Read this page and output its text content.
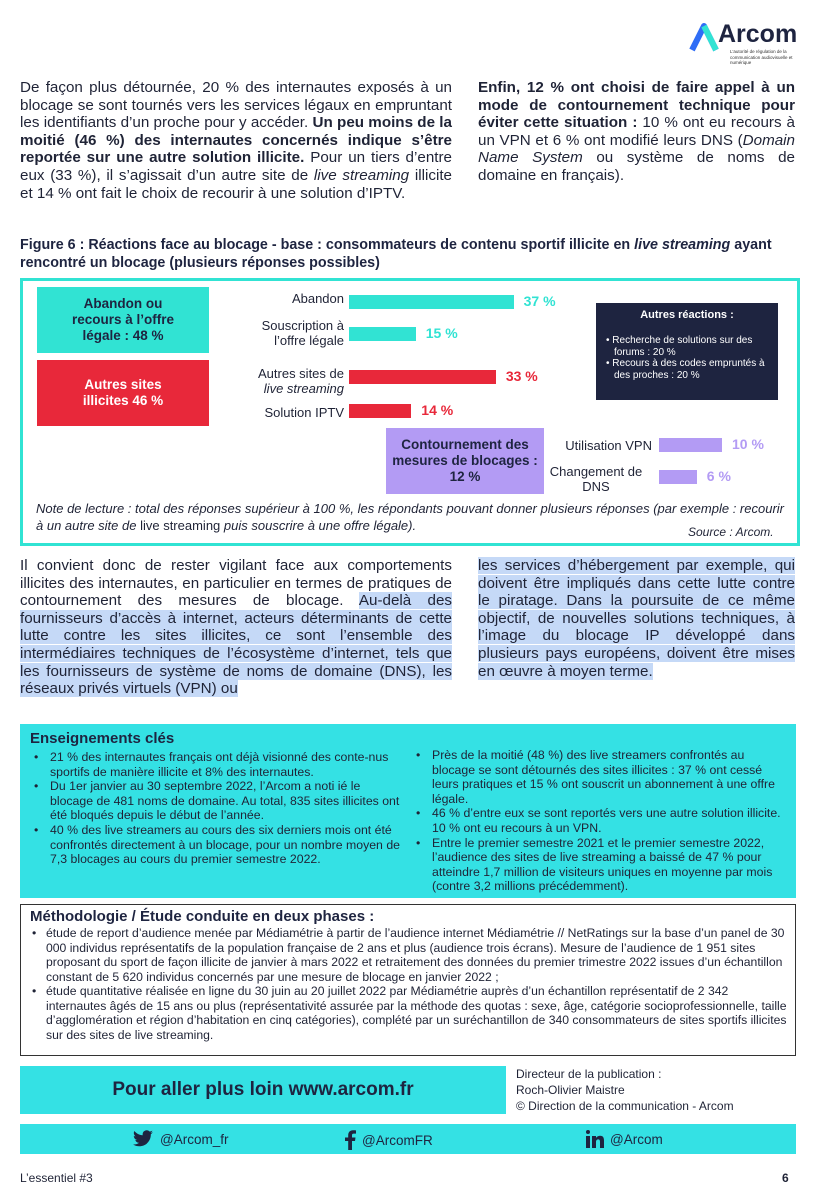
Arcom
L'autorité de régulation de la communication audiovisuelle et numérique
De façon plus détournée, 20 % des internautes exposés à un blocage se sont tournés vers les services légaux en empruntant les identifiants d’un proche pour y accéder. Un peu moins de la moitié (46 %) des internautes concernés indique s’être reportée sur une autre solution illicite. Pour un tiers d’entre eux (33 %), il s’agissait d’un autre site de live streaming illicite et 14 % ont fait le choix de recourir à une solution d’IPTV.
Enfin, 12 % ont choisi de faire appel à un mode de contournement technique pour éviter cette situation : 10 % ont eu recours à un VPN et 6 % ont modifié leurs DNS (Domain Name System ou système de noms de domaine en français).
Figure 6 : Réactions face au blocage - base : consommateurs de contenu sportif illicite en live streaming ayant rencontré un blocage (plusieurs réponses possibles)
Abandon ou recours à l’offre légale : 48 %
Autres sites illicites 46 %
Contournement des mesures de blocages : 12 %
Abandon
Souscription à
l’offre légale
Autres sites de
live streaming
Solution IPTV
Utilisation VPN
Changement de
DNS
37 %
15 %
33 %
14 %
10 %
6 %
Autres réactions :
• Recherche de solutions sur des forums : 20 %
• Recours à des codes empruntés à des proches : 20 %
Note de lecture : total des réponses supérieur à 100 %, les répondants pouvant donner plusieurs réponses (par exemple : recourir à un autre site de live streaming puis souscrire à une offre légale).	Source : Arcom.
Il convient donc de rester vigilant face aux comportements illicites des internautes, en particulier en termes de pratiques de contournement des mesures de blocage. Au-delà des fournisseurs d’accès à internet, acteurs déterminants de cette lutte contre les sites illicites, ce sont l’ensemble des intermédiaires techniques de l’écosystème d’internet, tels que les fournisseurs de système de noms de domaine (DNS), les réseaux privés virtuels (VPN) ou
les services d’hébergement par exemple, qui doivent être impliqués dans cette lutte contre le piratage. Dans la poursuite de ce même objectif, de nouvelles solutions techniques, à l’image du blocage IP développé dans plusieurs pays européens, doivent être mises en œuvre à moyen terme.
Enseignements clés
• 21 % des internautes français ont déjà visionné des conte-nus sportifs de manière illicite et 8% des internautes.
• Du 1er janvier au 30 septembre 2022, l’Arcom a noti ié le blocage de 481 noms de domaine. Au total, 835 sites illicites ont été bloqués depuis le début de l’année.
• 40 % des live streamers au cours des six derniers mois ont été confrontés directement à un blocage, pour un nombre moyen de 7,3 blocages au cours du premier semestre 2022.
• Près de la moitié (48 %) des live streamers confrontés au blocage se sont détournés des sites illicites : 37 % ont cessé leurs pratiques et 15 % ont souscrit un abonnement à une offre légale.
• 46 % d’entre eux se sont reportés vers une autre solution illicite. 10 % ont eu recours à un VPN.
• Entre le premier semestre 2021 et le premier semestre 2022, l’audience des sites de live streaming a baissé de 47 % pour atteindre 1,7 million de visiteurs uniques en moyenne par mois (contre 3,2 millions précédemment).
Méthodologie / Étude conduite en deux phases :
• étude de report d’audience menée par Médiamétrie à partir de l’audience internet Médiamétrie // NetRatings sur la base d’un panel de 30 000 individus représentatifs de la population française de 2 ans et plus (audience trois écrans). Mesure de l’audience de 1 951 sites proposant du sport de façon illicite de janvier à mars 2022 et retraitement des données du premier trimestre 2022 issues d’un échantillon constant de 5 620 individus concernés par une mesure de blocage en janvier 2022 ;
• étude quantitative réalisée en ligne du 30 juin au 20 juillet 2022 par Médiamétrie auprès d’un échantillon représentatif de 2 342 internautes âgés de 15 ans ou plus (représentativité assurée par la méthode des quotas : sexe, âge, catégorie socioprofessionnelle, taille d’agglomération et région d’habitation en cinq catégories), complété par un suréchantillon de 340 consommateurs de sites sportifs illicites sur des sites de live streaming.
Pour aller plus loin www.arcom.fr
Directeur de la publication :
Roch-Olivier Maistre
© Direction de la communication - Arcom
@Arcom_fr	@ArcomFR	@Arcom
L’essentiel #3	6
